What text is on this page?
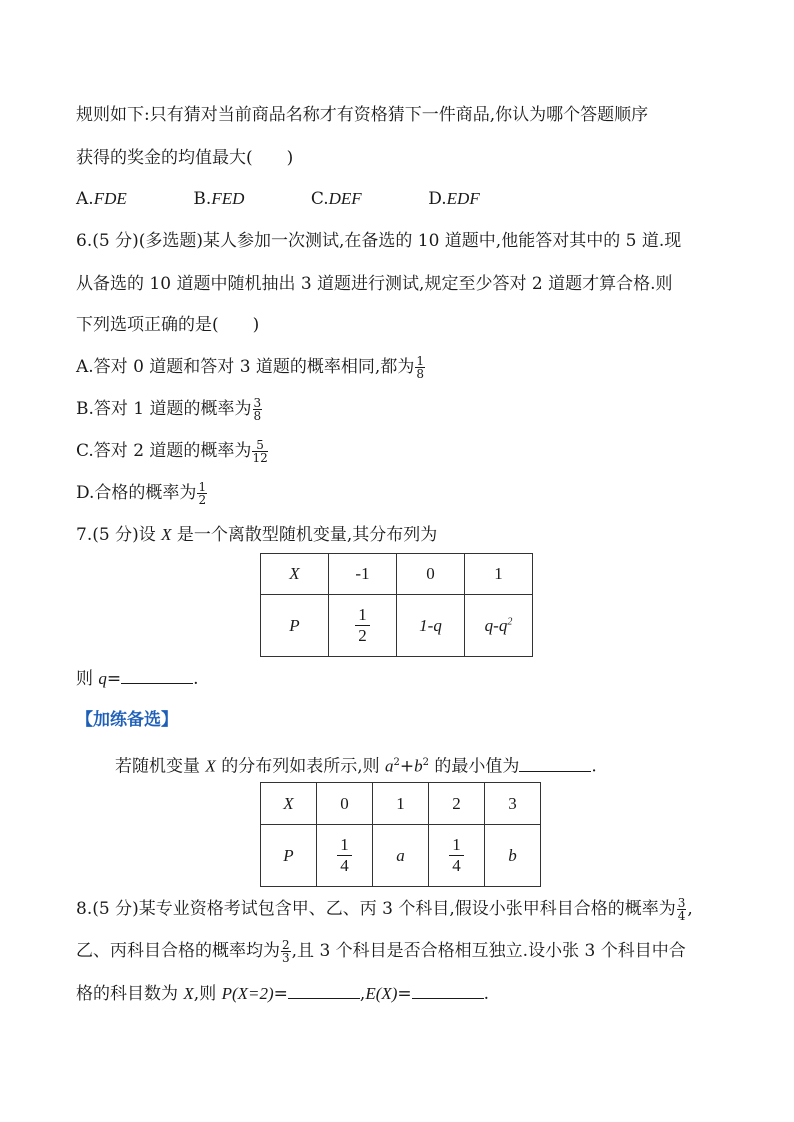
规则如下:只有猜对当前商品名称才有资格猜下一件商品,你认为哪个答题顺序
获得的奖金的均值最大(　　)
A.FDE	B.FED	C.DEF	D.EDF
6.(5 分)(多选题)某人参加一次测试,在备选的 10 道题中,他能答对其中的 5 道.现
从备选的 10 道题中随机抽出 3 道题进行测试,规定至少答对 2 道题才算合格.则
下列选项正确的是(　　)
A.答对 0 道题和答对 3 道题的概率相同,都为 $\frac{1}{8}$
B.答对 1 道题的概率为 $\frac{3}{8}$
C.答对 2 道题的概率为 $\frac{5}{12}$
D.合格的概率为 $\frac{1}{2}$
7.(5 分)设 X 是一个离散型随机变量,其分布列为
X	-1	0	1
P	$\frac{1}{2}$	1-q	$q-q^2$
则 q=	.
【加练备选】
若随机变量 X 的分布列如表所示,则 $a^2+b^2$ 的最小值为	.
X	0	1	2	3
P	$\frac{1}{4}$	a	$\frac{1}{4}$	b
8.(5 分)某专业资格考试包含甲、乙、丙 3 个科目,假设小张甲科目合格的概率为 $\frac{3}{4}$ ,
乙、丙科目合格的概率均为 $\frac{2}{3}$ ,且 3 个科目是否合格相互独立.设小张 3 个科目中合
格的科目数为 X,则 P(X=2)=	,E(X)=	.
